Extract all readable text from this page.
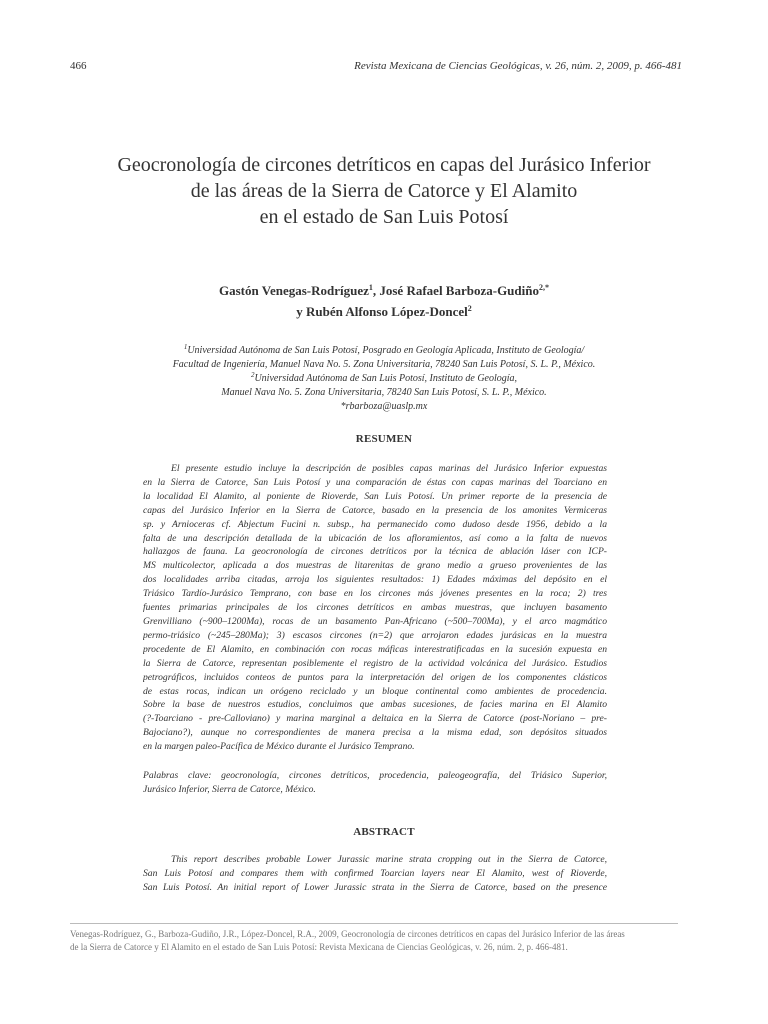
466	Revista Mexicana de Ciencias Geológicas, v. 26, núm. 2, 2009, p. 466-481
Geocronología de circones detríticos en capas del Jurásico Inferior
de las áreas de la Sierra de Catorce y El Alamito
en el estado de San Luis Potosí
Gastón Venegas-Rodríguez$^1$, José Rafael Barboza-Gudiño$^{2,*}$
y Rubén Alfonso López-Doncel$^2$
$^1$Universidad Autónoma de San Luis Potosí, Posgrado en Geología Aplicada, Instituto de Geología/
Facultad de Ingeniería, Manuel Nava No. 5. Zona Universitaria, 78240 San Luis Potosí, S. L. P., México.
$^2$Universidad Autónoma de San Luis Potosí, Instituto de Geología,
Manuel Nava No. 5. Zona Universitaria, 78240 San Luis Potosí, S. L. P., México.
*rbarboza@uaslp.mx
RESUMEN
El presente estudio incluye la descripción de posibles capas marinas del Jurásico Inferior expuestas
en la Sierra de Catorce, San Luis Potosí y una comparación de éstas con capas marinas del Toarciano en
la localidad El Alamito, al poniente de Rioverde, San Luis Potosí. Un primer reporte de la presencia de
capas del Jurásico Inferior en la Sierra de Catorce, basado en la presencia de los amonites Vermiceras
sp. y Arnioceras cf. Abjectum Fucini n. subsp., ha permanecido como dudoso desde 1956, debido a la
falta de una descripción detallada de la ubicación de los afloramientos, así como a la falta de nuevos
hallazgos de fauna. La geocronología de circones detríticos por la técnica de ablación láser con ICP-
MS multicolector, aplicada a dos muestras de litarenitas de grano medio a grueso provenientes de las
dos localidades arriba citadas, arroja los siguientes resultados: 1) Edades máximas del depósito en el
Triásico Tardío-Jurásico Temprano, con base en los circones más jóvenes presentes en la roca; 2) tres
fuentes primarias principales de los circones detríticos en ambas muestras, que incluyen basamento
Grenvilliano (~900–1200Ma), rocas de un basamento Pan-Africano (~500–700Ma), y el arco magmático
permo-triásico (~245–280Ma); 3) escasos circones (n=2) que arrojaron edades jurásicas en la muestra
procedente de El Alamito, en combinación con rocas máficas interestratificadas en la sucesión expuesta en
la Sierra de Catorce, representan posiblemente el registro de la actividad volcánica del Jurásico. Estudios
petrográficos, incluidos conteos de puntos para la interpretación del origen de los componentes clásticos
de estas rocas, indican un orógeno reciclado y un bloque continental como ambientes de procedencia.
Sobre la base de nuestros estudios, concluimos que ambas sucesiones, de facies marina en El Alamito
(?-Toarciano - pre-Calloviano) y marina marginal a deltaica en la Sierra de Catorce (post-Noriano – pre-
Bajociano?), aunque no correspondientes de manera precisa a la misma edad, son depósitos situados
en la margen paleo-Pacífica de México durante el Jurásico Temprano.
Palabras clave: geocronología, circones detríticos, procedencia, paleogeografía, del Triásico Superior,
Jurásico Inferior, Sierra de Catorce, México.
ABSTRACT
This report describes probable Lower Jurassic marine strata cropping out in the Sierra de Catorce,
San Luis Potosí and compares them with confirmed Toarcian layers near El Alamito, west of Rioverde,
San Luis Potosí. An initial report of Lower Jurassic strata in the Sierra de Catorce, based on the presence
Venegas-Rodríguez, G., Barboza-Gudiño, J.R., López-Doncel, R.A., 2009, Geocronología de circones detríticos en capas del Jurásico Inferior de las áreas
de la Sierra de Catorce y El Alamito en el estado de San Luis Potosí: Revista Mexicana de Ciencias Geológicas, v. 26, núm. 2, p. 466-481.
